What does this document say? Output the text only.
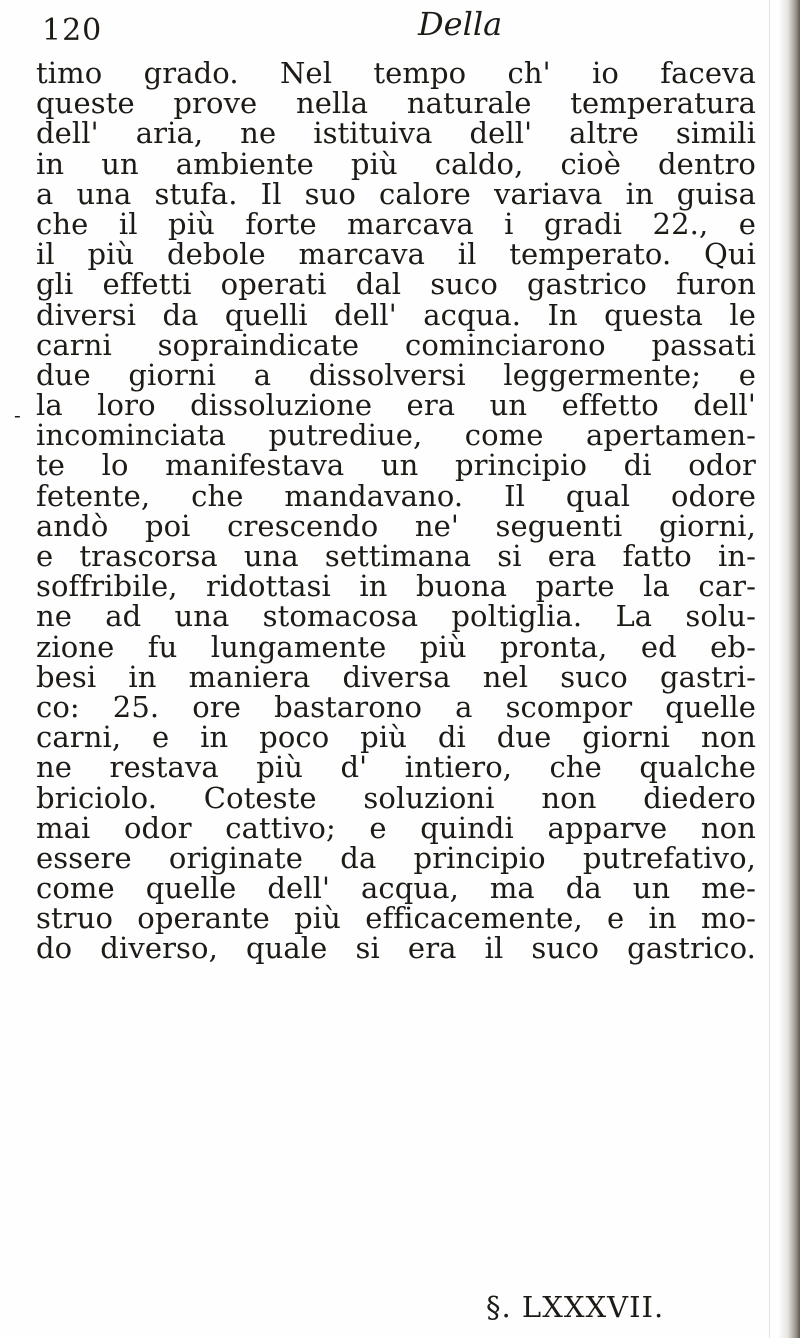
120	Della
-
timo grado. Nel tempo ch' io faceva
queste prove nella naturale temperatura
dell' aria, ne istituiva dell' altre simili
in un ambiente più caldo, cioè dentro
a una stufa. Il suo calore variava in guisa
che il più forte marcava i gradi 22., e
il più debole marcava il temperato. Qui
gli effetti operati dal suco gastrico furon
diversi da quelli dell' acqua. In questa le
carni sopraindicate cominciarono passati
due giorni a dissolversi leggermente; e
la loro dissoluzione era un effetto dell'
incominciata putrediue, come apertamen-
te lo manifestava un principio di odor
fetente, che mandavano. Il qual odore
andò poi crescendo ne' seguenti giorni,
e trascorsa una settimana si era fatto in-
soffribile, ridottasi in buona parte la car-
ne ad una stomacosa poltiglia. La solu-
zione fu lungamente più pronta, ed eb-
besi in maniera diversa nel suco gastri-
co: 25. ore bastarono a scompor quelle
carni, e in poco più di due giorni non
ne restava più d' intiero, che qualche
briciolo. Coteste soluzioni non diedero
mai odor cattivo; e quindi apparve non
essere originate da principio putrefativo,
come quelle dell' acqua, ma da un me-
struo operante più efficacemente, e in mo-
do diverso, quale si era il suco gastrico.
§. LXXXVII.
